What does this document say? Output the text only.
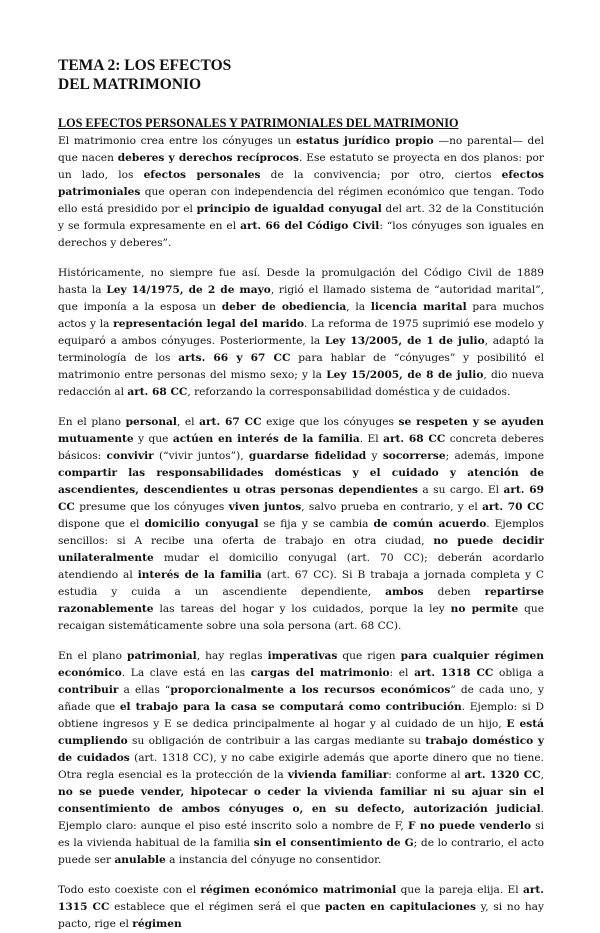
TEMA 2: LOS EFECTOS
DEL MATRIMONIO
LOS EFECTOS PERSONALES Y PATRIMONIALES DEL MATRIMONIO

El matrimonio crea entre los cónyuges un estatus jurídico propio —no parental— del que nacen deberes y derechos recíprocos. Ese estatuto se proyecta en dos planos: por un lado, los efectos personales de la convivencia; por otro, ciertos efectos patrimoniales que operan con independencia del régimen económico que tengan. Todo ello está presidido por el principio de igualdad conyugal del art. 32 de la Constitución y se formula expresamente en el art. 66 del Código Civil: “los cónyuges son iguales en derechos y deberes”.

Históricamente, no siempre fue así. Desde la promulgación del Código Civil de 1889 hasta la Ley 14/1975, de 2 de mayo, rigió el llamado sistema de “autoridad marital”, que imponía a la esposa un deber de obediencia, la licencia marital para muchos actos y la representación legal del marido. La reforma de 1975 suprimió ese modelo y equiparó a ambos cónyuges. Posteriormente, la Ley 13/2005, de 1 de julio, adaptó la terminología de los arts. 66 y 67 CC para hablar de “cónyuges” y posibilitó el matrimonio entre personas del mismo sexo; y la Ley 15/2005, de 8 de julio, dio nueva redacción al art. 68 CC, reforzando la corresponsabilidad doméstica y de cuidados.

En el plano personal, el art. 67 CC exige que los cónyuges se respeten y se ayuden mutuamente y que actúen en interés de la familia. El art. 68 CC concreta deberes básicos: convivir (“vivir juntos”), guardarse fidelidad y socorrerse; además, impone compartir las responsabilidades domésticas y el cuidado y atención de ascendientes, descendientes u otras personas dependientes a su cargo. El art. 69 CC presume que los cónyuges viven juntos, salvo prueba en contrario, y el art. 70 CC dispone que el domicilio conyugal se fija y se cambia de común acuerdo. Ejemplos sencillos: si A recibe una oferta de trabajo en otra ciudad, no puede decidir unilateralmente mudar el domicilio conyugal (art. 70 CC); deberán acordarlo atendiendo al interés de la familia (art. 67 CC). Si B trabaja a jornada completa y C estudia y cuida a un ascendiente dependiente, ambos deben repartirse razonablemente las tareas del hogar y los cuidados, porque la ley no permite que recaigan sistemáticamente sobre una sola persona (art. 68 CC).

En el plano patrimonial, hay reglas imperativas que rigen para cualquier régimen económico. La clave está en las cargas del matrimonio: el art. 1318 CC obliga a contribuir a ellas “proporcionalmente a los recursos económicos” de cada uno, y añade que el trabajo para la casa se computará como contribución. Ejemplo: si D obtiene ingresos y E se dedica principalmente al hogar y al cuidado de un hijo, E está cumpliendo su obligación de contribuir a las cargas mediante su trabajo doméstico y de cuidados (art. 1318 CC), y no cabe exigirle además que aporte dinero que no tiene. Otra regla esencial es la protección de la vivienda familiar: conforme al art. 1320 CC, no se puede vender, hipotecar o ceder la vivienda familiar ni su ajuar sin el consentimiento de ambos cónyuges o, en su defecto, autorización judicial. Ejemplo claro: aunque el piso esté inscrito solo a nombre de F, F no puede venderlo si es la vivienda habitual de la familia sin el consentimiento de G; de lo contrario, el acto puede ser anulable a instancia del cónyuge no consentidor.

Todo esto coexiste con el régimen económico matrimonial que la pareja elija. El art. 1315 CC establece que el régimen será el que pacten en capitulaciones y, si no hay pacto, rige el régimen
